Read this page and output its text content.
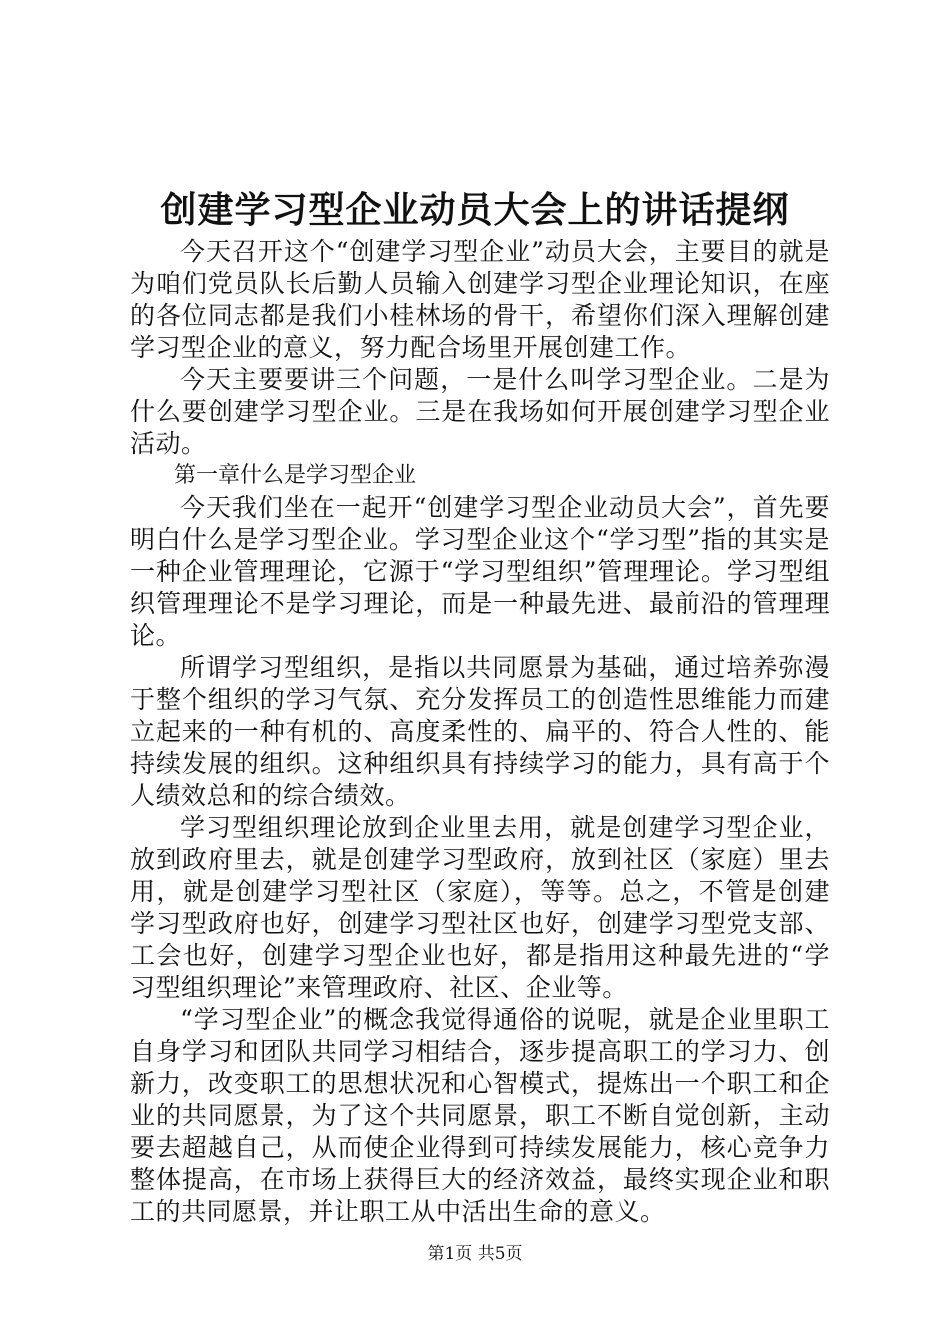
创建学习型企业动员大会上的讲话提纲

今天召开这个“创建学习型企业”动员大会，主要目的就是为咱们党员队长后勤人员输入创建学习型企业理论知识，在座的各位同志都是我们小桂林场的骨干，希望你们深入理解创建学习型企业的意义，努力配合场里开展创建工作。

今天主要要讲三个问题，一是什么叫学习型企业。二是为什么要创建学习型企业。三是在我场如何开展创建学习型企业活动。

第一章什么是学习型企业

今天我们坐在一起开“创建学习型企业动员大会”，首先要明白什么是学习型企业。学习型企业这个“学习型”指的其实是一种企业管理理论，它源于“学习型组织”管理理论。学习型组织管理理论不是学习理论，而是一种最先进、最前沿的管理理论。

所谓学习型组织，是指以共同愿景为基础，通过培养弥漫于整个组织的学习气氛、充分发挥员工的创造性思维能力而建立起来的一种有机的、高度柔性的、扁平的、符合人性的、能持续发展的组织。这种组织具有持续学习的能力，具有高于个人绩效总和的综合绩效。

学习型组织理论放到企业里去用，就是创建学习型企业，放到政府里去，就是创建学习型政府，放到社区（家庭）里去用，就是创建学习型社区（家庭），等等。总之，不管是创建学习型政府也好，创建学习型社区也好，创建学习型党支部、工会也好，创建学习型企业也好，都是指用这种最先进的“学习型组织理论”来管理政府、社区、企业等。

“学习型企业”的概念我觉得通俗的说呢，就是企业里职工自身学习和团队共同学习相结合，逐步提高职工的学习力、创新力，改变职工的思想状况和心智模式，提炼出一个职工和企业的共同愿景，为了这个共同愿景，职工不断自觉创新，主动要去超越自己，从而使企业得到可持续发展能力，核心竞争力整体提高，在市场上获得巨大的经济效益，最终实现企业和职工的共同愿景，并让职工从中活出生命的意义。

第1页 共5页
